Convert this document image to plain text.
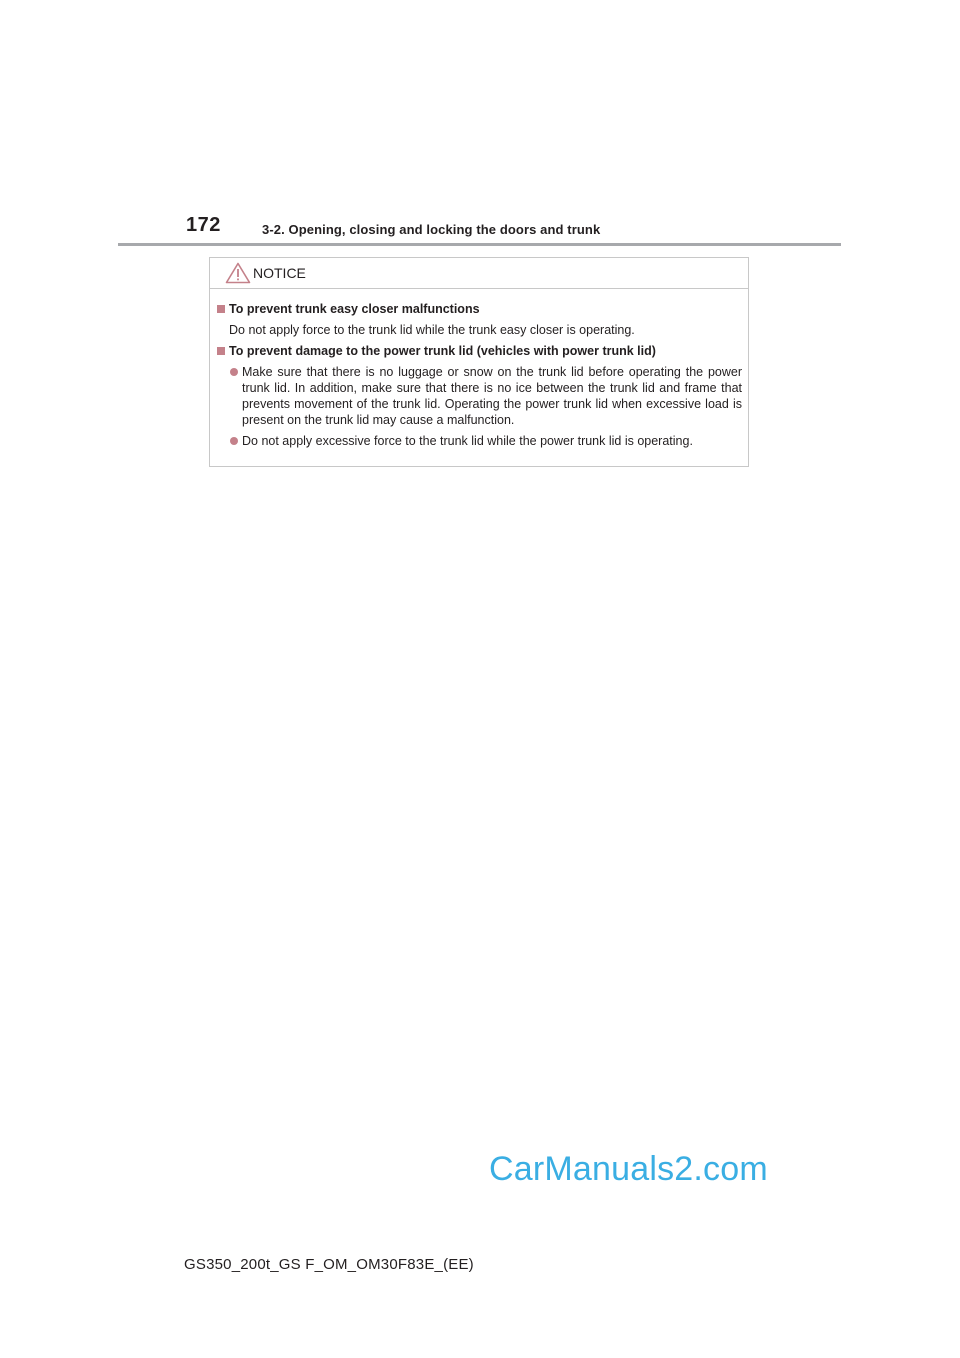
172	3-2. Opening, closing and locking the doors and trunk
NOTICE
To prevent trunk easy closer malfunctions
Do not apply force to the trunk lid while the trunk easy closer is operating.
To prevent damage to the power trunk lid (vehicles with power trunk lid)
Make sure that there is no luggage or snow on the trunk lid before operating the power trunk lid. In addition, make sure that there is no ice between the trunk lid and frame that prevents movement of the trunk lid. Operating the power trunk lid when excessive load is present on the trunk lid may cause a malfunction.
Do not apply excessive force to the trunk lid while the power trunk lid is operating.
CarManuals2.com
GS350_200t_GS F_OM_OM30F83E_(EE)
